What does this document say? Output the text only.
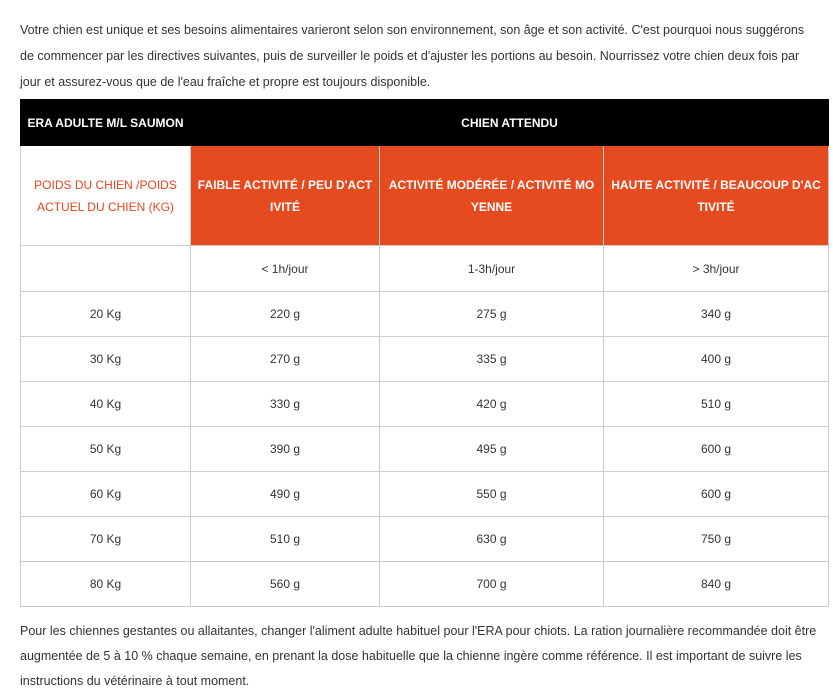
Votre chien est unique et ses besoins alimentaires varieront selon son environnement, son âge et son activité. C'est pourquoi nous suggérons de commencer par les directives suivantes, puis de surveiller le poids et d'ajuster les portions au besoin. Nourrissez votre chien deux fois par jour et assurez-vous que de l'eau fraîche et propre est toujours disponible.

ERA ADULTE M/L SAUMON	CHIEN ATTENDU		
POIDS DU CHIEN /POIDS ACTUEL DU CHIEN (KG)	FAIBLE ACTIVITÉ / PEU D'ACTIVITÉ	ACTIVITÉ MODÉRÉE / ACTIVITÉ MOYENNE	HAUTE ACTIVITÉ / BEAUCOUP D'ACTIVITÉ
	< 1h/jour	1-3h/jour	> 3h/jour
20 Kg	220 g	275 g	340 g
30 Kg	270 g	335 g	400 g
40 Kg	330 g	420 g	510 g
50 Kg	390 g	495 g	600 g
60 Kg	490 g	550 g	600 g
70 Kg	510 g	630 g	750 g
80 Kg	560 g	700 g	840 g

Pour les chiennes gestantes ou allaitantes, changer l'aliment adulte habituel pour l'ERA pour chiots. La ration journalière recommandée doit être augmentée de 5 à 10 % chaque semaine, en prenant la dose habituelle que la chienne ingère comme référence. Il est important de suivre les instructions du vétérinaire à tout moment.
